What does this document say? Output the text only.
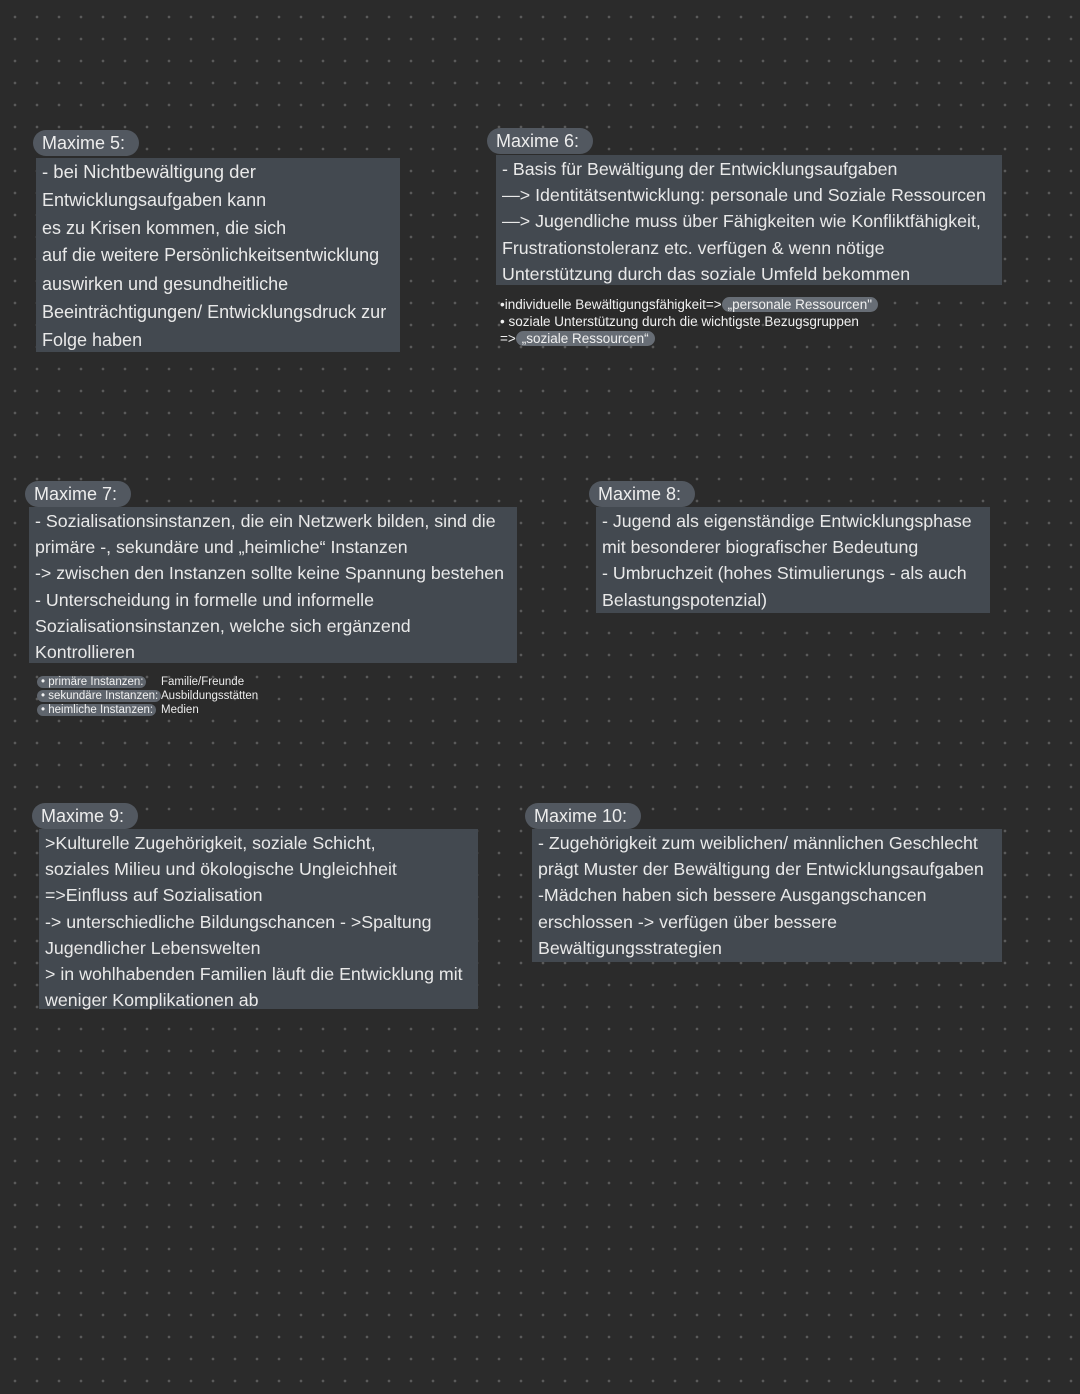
Maxime 5:
- bei Nichtbewältigung der
Entwicklungsaufgaben kann
es zu Krisen kommen, die sich
auf die weitere Persönlichkeitsentwicklung
auswirken und gesundheitliche
Beeinträchtigungen/ Entwicklungsdruck zur
Folge haben
Maxime 6:
- Basis für Bewältigung der Entwicklungsaufgaben
—> Identitätsentwicklung: personale und Soziale Ressourcen
—> Jugendliche muss über Fähigkeiten wie Konfliktfähigkeit,
Frustrationstoleranz etc. verfügen & wenn nötige
Unterstützung durch das soziale Umfeld bekommen
•individuelle Bewältigungsfähigkeit=> „personale Ressourcen"
• soziale Unterstützung durch die wichtigste Bezugsgruppen
=> „soziale Ressourcen“
Maxime 7:
- Sozialisationsinstanzen, die ein Netzwerk bilden, sind die
primäre -, sekundäre und „heimliche“ Instanzen
-> zwischen den Instanzen sollte keine Spannung bestehen
- Unterscheidung in formelle und informelle
Sozialisationsinstanzen, welche sich ergänzend
Kontrollieren
• primäre Instanzen: Familie/Freunde
• sekundäre Instanzen: Ausbildungsstätten
• heimliche Instanzen: Medien
Maxime 8:
- Jugend als eigenständige Entwicklungsphase
mit besonderer biografischer Bedeutung
- Umbruchzeit (hohes Stimulierungs - als auch
Belastungspotenzial)
Maxime 9:
>Kulturelle Zugehörigkeit, soziale Schicht,
soziales Milieu und ökologische Ungleichheit
=>Einfluss auf Sozialisation
-> unterschiedliche Bildungschancen - >Spaltung
Jugendlicher Lebenswelten
> in wohlhabenden Familien läuft die Entwicklung mit
weniger Komplikationen ab
Maxime 10:
- Zugehörigkeit zum weiblichen/ männlichen Geschlecht
prägt Muster der Bewältigung der Entwicklungsaufgaben
-Mädchen haben sich bessere Ausgangschancen
erschlossen -> verfügen über bessere
Bewältigungsstrategien
